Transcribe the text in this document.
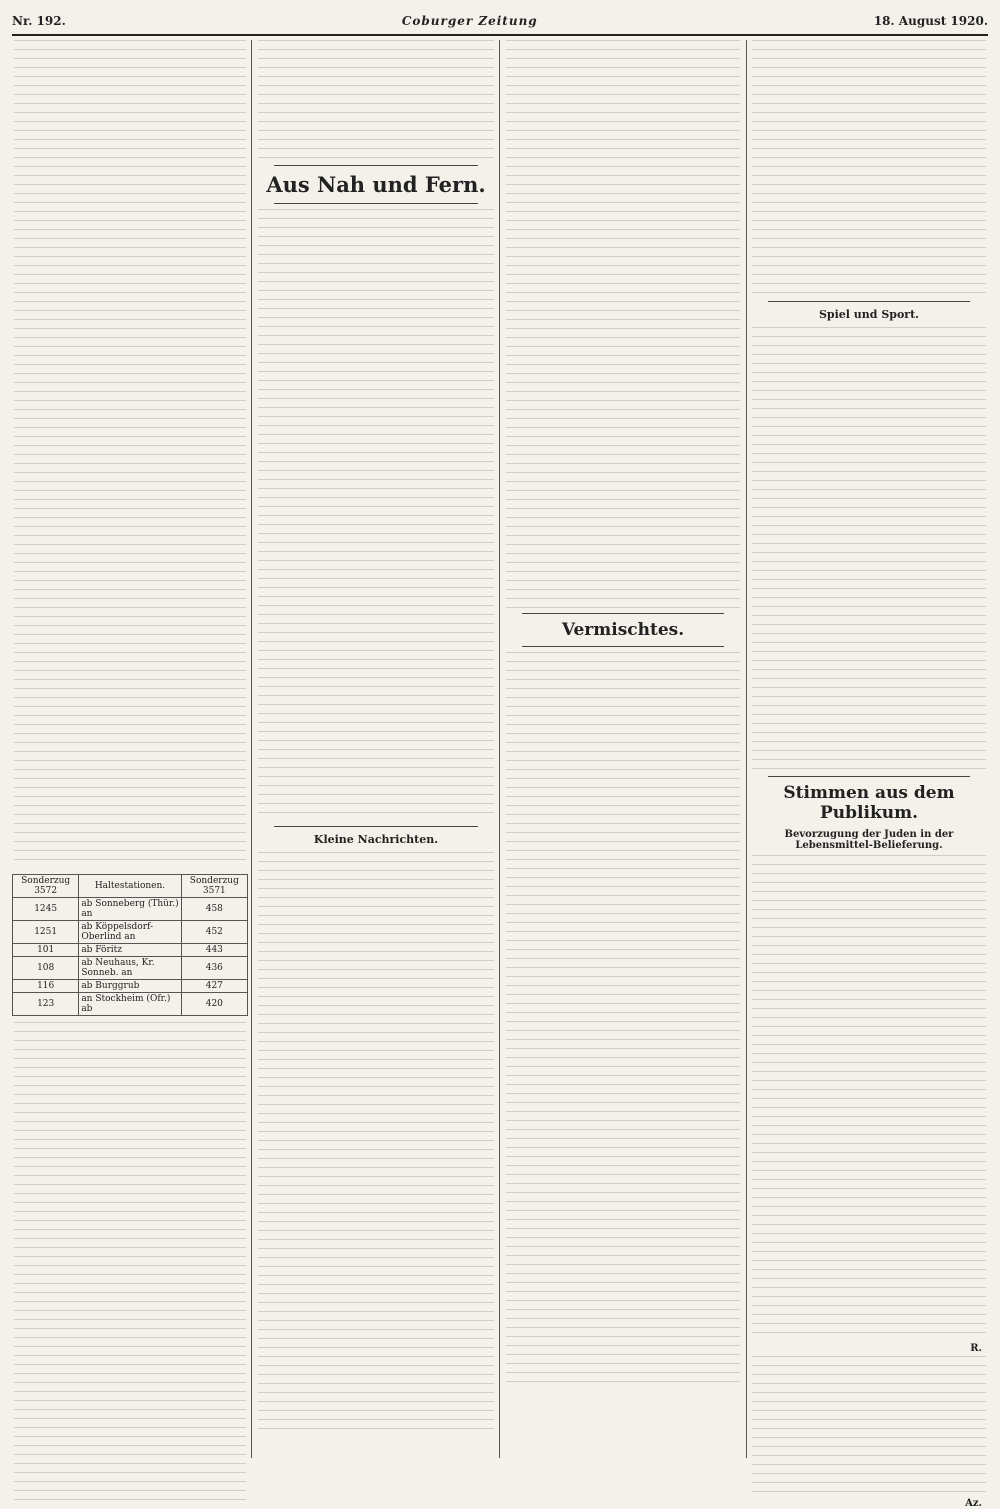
Nr. 192.	Coburger Zeitung	18. August 1920.
Sonderzug 3572	Haltestationen.	Sonderzug 3571
1245	ab Sonneberg (Thür.) an	458
1251	ab Köppelsdorf-Oberlind an	452
101	ab Föritz	443
108	ab Neuhaus, Kr. Sonneb. an	436
116	ab Burggrub	427
123	an Stockheim (Ofr.) ab	420
Aus Nah und Fern.
Kleine Nachrichten.
Vermischtes.
Spiel und Sport.
Stimmen aus dem Publikum.
Bevorzugung der Juden in der Lebensmittel-Belieferung.
R.
Az.
